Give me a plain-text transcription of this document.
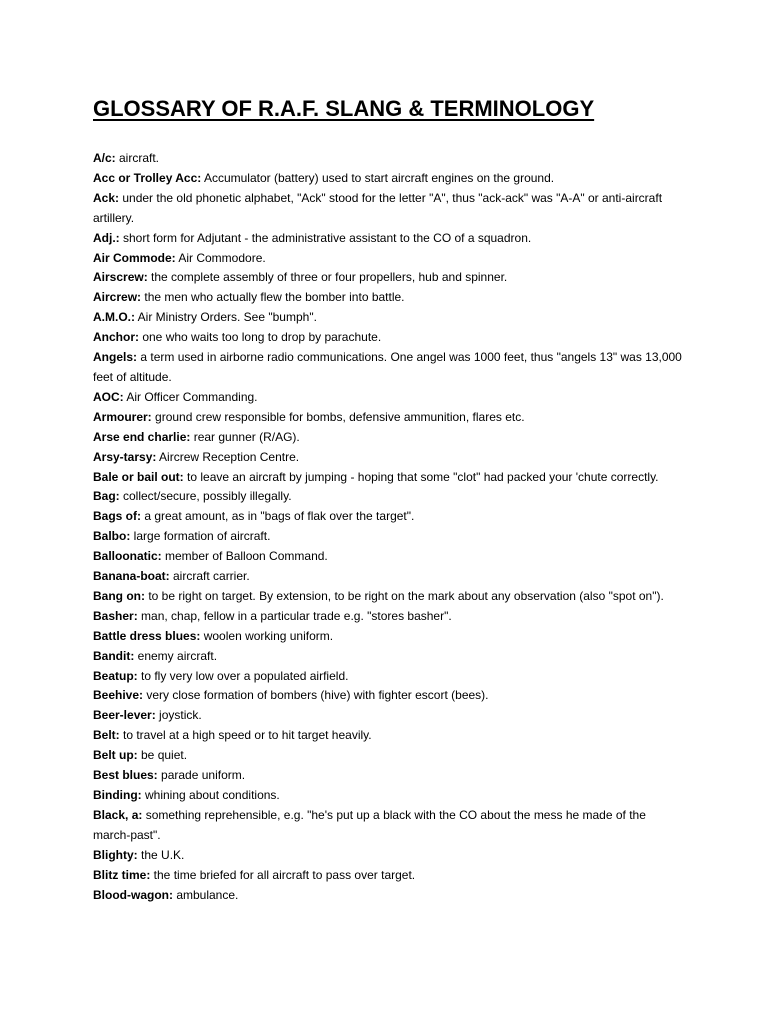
GLOSSARY OF R.A.F. SLANG & TERMINOLOGY

A/c: aircraft.

Acc or Trolley Acc: Accumulator (battery) used to start aircraft engines on the ground.

Ack: under the old phonetic alphabet, "Ack" stood for the letter "A", thus "ack-ack" was "A-A" or anti-aircraft artillery.

Adj.: short form for Adjutant - the administrative assistant to the CO of a squadron.

Air Commode: Air Commodore.

Airscrew: the complete assembly of three or four propellers, hub and spinner.

Aircrew: the men who actually flew the bomber into battle.

A.M.O.: Air Ministry Orders. See "bumph".

Anchor: one who waits too long to drop by parachute.

Angels: a term used in airborne radio communications. One angel was 1000 feet, thus "angels 13" was 13,000 feet of altitude.

AOC: Air Officer Commanding.

Armourer: ground crew responsible for bombs, defensive ammunition, flares etc.

Arse end charlie: rear gunner (R/AG).

Arsy-tarsy: Aircrew Reception Centre.

Bale or bail out: to leave an aircraft by jumping - hoping that some "clot" had packed your 'chute correctly.

Bag: collect/secure, possibly illegally.

Bags of: a great amount, as in "bags of flak over the target".

Balbo: large formation of aircraft.

Balloonatic: member of Balloon Command.

Banana-boat: aircraft carrier.

Bang on: to be right on target. By extension, to be right on the mark about any observation (also "spot on").

Basher: man, chap, fellow in a particular trade e.g. "stores basher".

Battle dress blues: woolen working uniform.

Bandit: enemy aircraft.

Beatup: to fly very low over a populated airfield.

Beehive: very close formation of bombers (hive) with fighter escort (bees).

Beer-lever: joystick.

Belt: to travel at a high speed or to hit target heavily.

Belt up: be quiet.

Best blues: parade uniform.

Binding: whining about conditions.

Black, a: something reprehensible, e.g. "he's put up a black with the CO about the mess he made of the march-past".

Blighty: the U.K.

Blitz time: the time briefed for all aircraft to pass over target.

Blood-wagon: ambulance.
